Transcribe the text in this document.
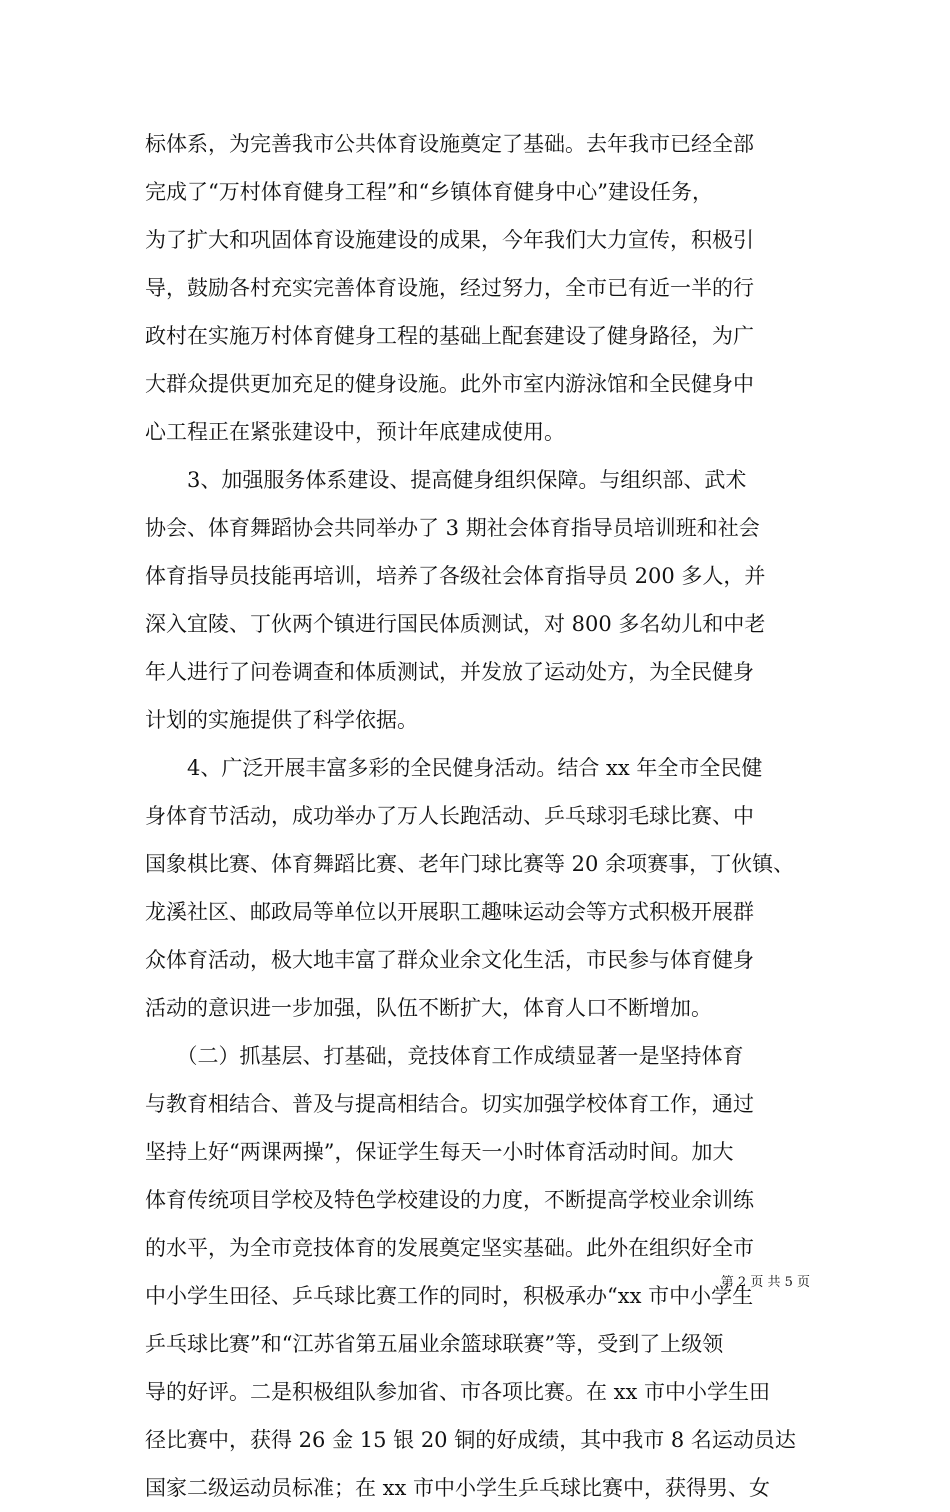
标体系，为完善我市公共体育设施奠定了基础。去年我市已经全部
完成了“万村体育健身工程”和“乡镇体育健身中心”建设任务，
为了扩大和巩固体育设施建设的成果，今年我们大力宣传，积极引
导，鼓励各村充实完善体育设施，经过努力，全市已有近一半的行
政村在实施万村体育健身工程的基础上配套建设了健身路径，为广
大群众提供更加充足的健身设施。此外市室内游泳馆和全民健身中
心工程正在紧张建设中，预计年底建成使用。
　　3、加强服务体系建设、提高健身组织保障。与组织部、武术
协会、体育舞蹈协会共同举办了 3 期社会体育指导员培训班和社会
体育指导员技能再培训，培养了各级社会体育指导员 200 多人，并
深入宜陵、丁伙两个镇进行国民体质测试，对 800 多名幼儿和中老
年人进行了问卷调查和体质测试，并发放了运动处方，为全民健身
计划的实施提供了科学依据。
　　4、广泛开展丰富多彩的全民健身活动。结合 xx 年全市全民健
身体育节活动，成功举办了万人长跑活动、乒乓球羽毛球比赛、中
国象棋比赛、体育舞蹈比赛、老年门球比赛等 20 余项赛事，丁伙镇、
龙溪社区、邮政局等单位以开展职工趣味运动会等方式积极开展群
众体育活动，极大地丰富了群众业余文化生活，市民参与体育健身
活动的意识进一步加强，队伍不断扩大，体育人口不断增加。
　　（二）抓基层、打基础，竞技体育工作成绩显著一是坚持体育
与教育相结合、普及与提高相结合。切实加强学校体育工作，通过
坚持上好“两课两操”，保证学生每天一小时体育活动时间。加大
体育传统项目学校及特色学校建设的力度，不断提高学校业余训练
的水平，为全市竞技体育的发展奠定坚实基础。此外在组织好全市
中小学生田径、乒乓球比赛工作的同时，积极承办“xx 市中小学生
乒乓球比赛”和“江苏省第五届业余篮球联赛”等，受到了上级领
导的好评。二是积极组队参加省、市各项比赛。在 xx 市中小学生田
径比赛中，获得 26 金 15 银 20 铜的好成绩，其中我市 8 名运动员达
国家二级运动员标准；在 xx 市中小学生乒乓球比赛中，获得男、女
第 2 页 共 5 页
